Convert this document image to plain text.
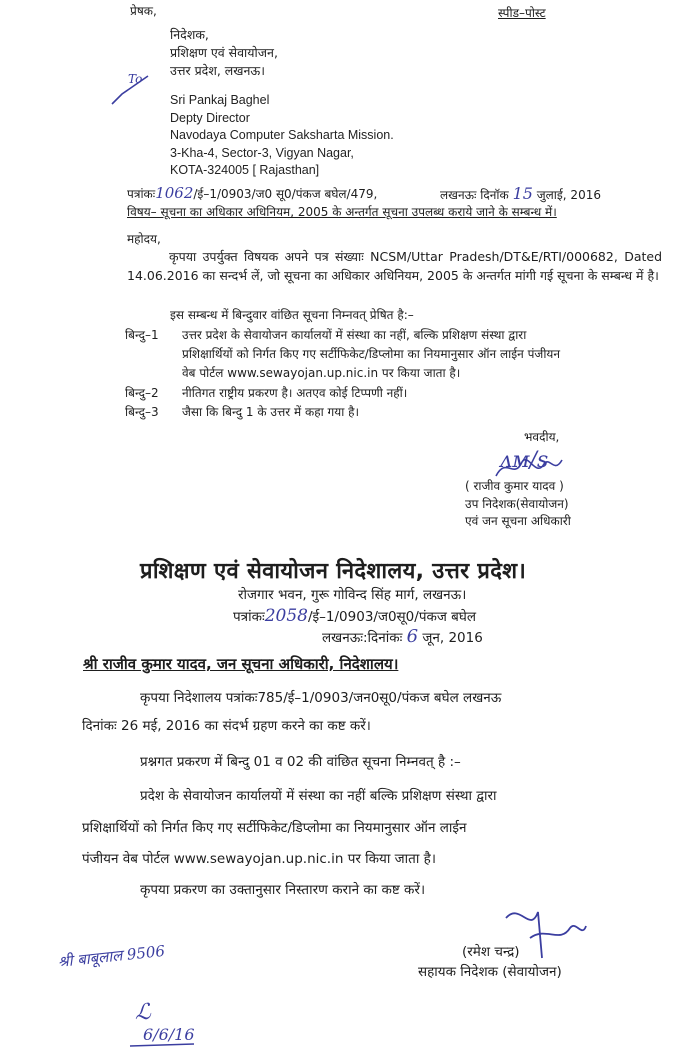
प्रेषक,	स्पीड–पोस्ट
निदेशक,
प्रशिक्षण एवं सेवायोजन,
उत्तर प्रदेश, लखनऊ।
To
Sri Pankaj Baghel
Depty Director
Navodaya Computer Saksharta Mission.
3-Kha-4, Sector-3, Vigyan Nagar,
KOTA-324005 [ Rajasthan]
पत्रांकः1062/ई–1/0903/ज0 सू0/पंकज बघेल/479,	लखनऊः दिनॉक 15 जुलाई, 2016
विषय– सूचना का अधिकार अधिनियम, 2005 के अन्तर्गत सूचना उपलब्ध कराये जाने के सम्बन्ध में।
महोदय,
कृपया उपर्युक्त विषयक अपने पत्र संख्याः NCSM/Uttar Pradesh/DT&E/RTI/000682, Dated 14.06.2016 का सन्दर्भ लें, जो सूचना का अधिकार अधिनियम, 2005 के अन्तर्गत मांगी गई सूचना के सम्बन्ध में है।
इस सम्बन्ध में बिन्दुवार वांछित सूचना निम्नवत् प्रेषित है:–
बिन्दु–1 उत्तर प्रदेश के सेवायोजन कार्यालयों में संस्था का नहीं, बल्कि प्रशिक्षण संस्था द्वारा
प्रशिक्षार्थियों को निर्गत किए गए सर्टीफिकेट/डिप्लोमा का नियमानुसार ऑन लाईन पंजीयन
वेब पोर्टल www.sewayojan.up.nic.in पर किया जाता है।
बिन्दु–2 नीतिगत राष्ट्रीय प्रकरण है। अतएव कोई टिप्पणी नहीं।
बिन्दु–3 जैसा कि बिन्दु 1 के उत्तर में कहा गया है।
भवदीय,
ᴧᴍ/s
( राजीव कुमार यादव )
उप निदेशक(सेवायोजन)
एवं जन सूचना अधिकारी
प्रशिक्षण एवं सेवायोजन निदेशालय, उत्तर प्रदेश।
रोजगार भवन, गुरू गोविन्द सिंह मार्ग, लखनऊ।
पत्रांकः2058/ई–1/0903/ज0सू0/पंकज बघेल
लखनऊः:दिनांकः 6 जून, 2016
श्री राजीव कुमार यादव, जन सूचना अधिकारी, निदेशालय।
कृपया निदेशालय पत्रांकः785/ई–1/0903/जन0सू0/पंकज बघेल लखनऊ
दिनांकः 26 मई, 2016 का संदर्भ ग्रहण करने का कष्ट करें।
प्रश्नगत प्रकरण में बिन्दु 01 व 02 की वांछित सूचना निम्नवत् है :–
प्रदेश के सेवायोजन कार्यालयों में संस्था का नहीं बल्कि प्रशिक्षण संस्था द्वारा
प्रशिक्षार्थियों को निर्गत किए गए सर्टीफिकेट/डिप्लोमा का नियमानुसार ऑन लाईन
पंजीयन वेब पोर्टल www.sewayojan.up.nic.in पर किया जाता है।
कृपया प्रकरण का उक्तानुसार निस्तारण कराने का कष्ट करें।
(रमेश चन्द्र)
सहायक निदेशक (सेवायोजन)
श्री बाबूलाल 9506
ℒ
6/6/16
